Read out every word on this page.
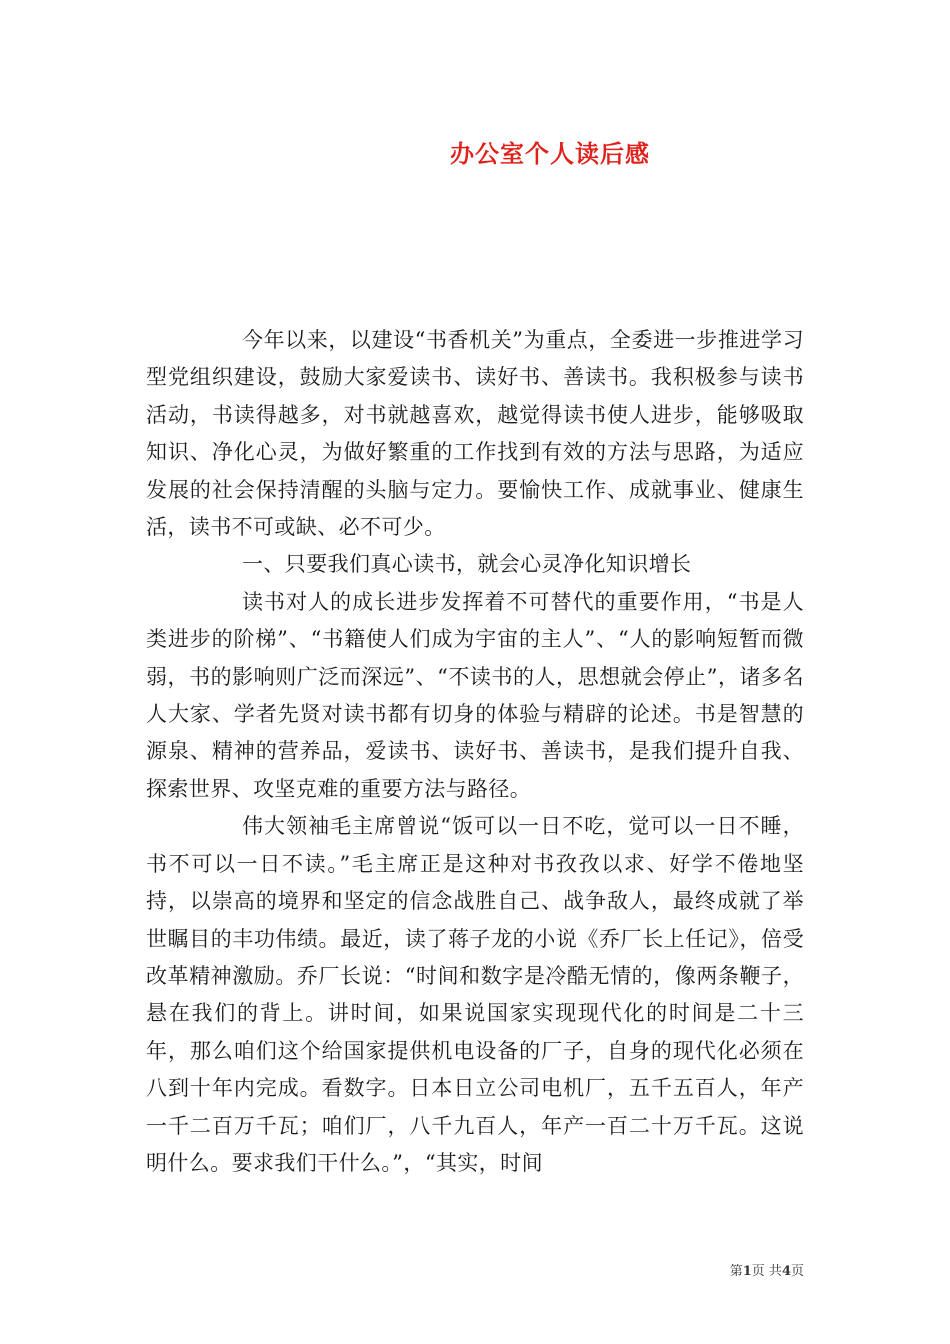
办公室个人读后感

今年以来，以建设“书香机关”为重点，全委进一步推进学习型党组织建设，鼓励大家爱读书、读好书、善读书。我积极参与读书活动，书读得越多，对书就越喜欢，越觉得读书使人进步，能够吸取知识、净化心灵，为做好繁重的工作找到有效的方法与思路，为适应发展的社会保持清醒的头脑与定力。要愉快工作、成就事业、健康生活，读书不可或缺、必不可少。

一、只要我们真心读书，就会心灵净化知识增长

读书对人的成长进步发挥着不可替代的重要作用，“书是人类进步的阶梯”、“书籍使人们成为宇宙的主人”、“人的影响短暂而微弱，书的影响则广泛而深远”、“不读书的人，思想就会停止”，诸多名人大家、学者先贤对读书都有切身的体验与精辟的论述。书是智慧的源泉、精神的营养品，爱读书、读好书、善读书，是我们提升自我、探索世界、攻坚克难的重要方法与路径。

伟大领袖毛主席曾说“饭可以一日不吃，觉可以一日不睡，书不可以一日不读。”毛主席正是这种对书孜孜以求、好学不倦地坚持，以崇高的境界和坚定的信念战胜自己、战争敌人，最终成就了举世瞩目的丰功伟绩。最近，读了蒋子龙的小说《乔厂长上任记》，倍受改革精神激励。乔厂长说：“时间和数字是冷酷无情的，像两条鞭子，悬在我们的背上。讲时间，如果说国家实现现代化的时间是二十三年，那么咱们这个给国家提供机电设备的厂子，自身的现代化必须在八到十年内完成。看数字。日本日立公司电机厂，五千五百人，年产一千二百万千瓦；咱们厂，八千九百人，年产一百二十万千瓦。这说明什么。要求我们干什么。”，“其实，时间

第1页 共4页
